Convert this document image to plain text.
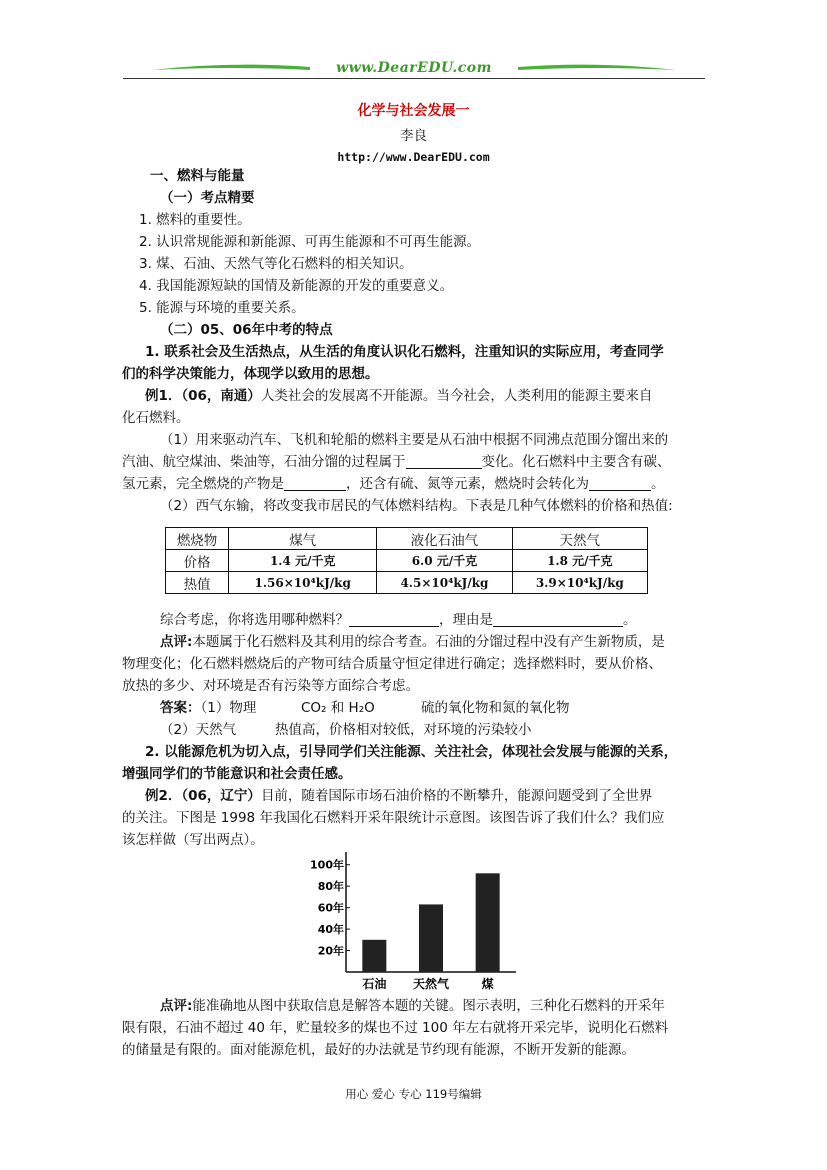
www.DearEDU.com
化学与社会发展一
李良
http://www.DearEDU.com
一、燃料与能量
（一）考点精要
1. 燃料的重要性。
2. 认识常规能源和新能源、可再生能源和不可再生能源。
3. 煤、石油、天然气等化石燃料的相关知识。
4. 我国能源短缺的国情及新能源的开发的重要意义。
5. 能源与环境的重要关系。
（二）05、06年中考的特点
1. 联系社会及生活热点，从生活的角度认识化石燃料，注重知识的实际应用，考查同学
们的科学决策能力，体现学以致用的思想。
例1．（06，南通）人类社会的发展离不开能源。当今社会，人类利用的能源主要来自
化石燃料。
（1）用来驱动汽车、飞机和轮船的燃料主要是从石油中根据不同沸点范围分馏出来的
汽油、航空煤油、柴油等，石油分馏的过程属于	变化。化石燃料中主要含有碳、
氢元素，完全燃烧的产物是	，还含有硫、氮等元素，燃烧时会转化为	。
（2）西气东输，将改变我市居民的气体燃料结构。下表是几种气体燃料的价格和热值:
燃烧物	煤气	液化石油气	天然气
价格	1.4 元/千克	6.0 元/千克	1.8 元/千克
热值	1.56×10⁴kJ/kg	4.5×10⁴kJ/kg	3.9×10⁴kJ/kg
综合考虑，你将选用哪种燃料？	，理由是	。
点评:本题属于化石燃料及其利用的综合考查。石油的分馏过程中没有产生新物质，是
物理变化；化石燃料燃烧后的产物可结合质量守恒定律进行确定；选择燃料时，要从价格、
放热的多少、对环境是否有污染等方面综合考虑。
答案：（1）物理	CO₂ 和 H₂O	硫的氧化物和氮的氧化物
（2）天然气	热值高，价格相对较低，对环境的污染较小
2. 以能源危机为切入点，引导同学们关注能源、关注社会，体现社会发展与能源的关系，
增强同学们的节能意识和社会责任感。
例2．（06，辽宁）目前，随着国际市场石油价格的不断攀升，能源问题受到了全世界
的关注。下图是 1998 年我国化石燃料开采年限统计示意图。该图告诉了我们什么？我们应
该怎样做（写出两点）。
20年
40年
60年
80年
100年
石油 天然气	煤
点评:能准确地从图中获取信息是解答本题的关键。图示表明，三种化石燃料的开采年
限有限，石油不超过 40 年，贮量较多的煤也不过 100 年左右就将开采完毕，说明化石燃料
的储量是有限的。面对能源危机，最好的办法就是节约现有能源，不断开发新的能源。
用心 爱心 专心 119号编辑
